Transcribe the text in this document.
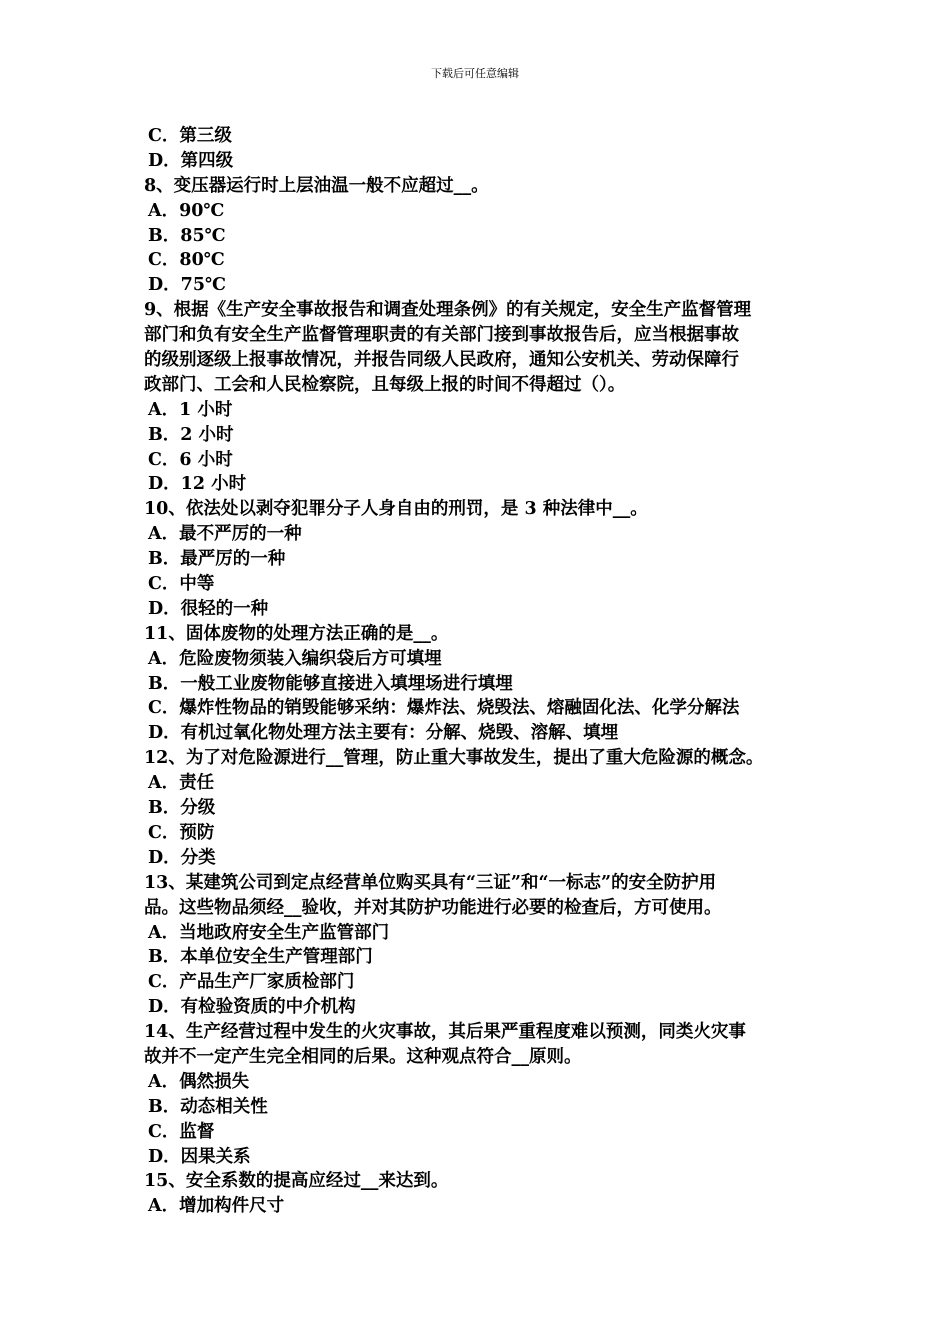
下载后可任意编辑
C．第三级
D．第四级
8、变压器运行时上层油温一般不应超过__。
A．90℃
B．85℃
C．80℃
D．75℃
9、根据《生产安全事故报告和调查处理条例》的有关规定，安全生产监督管理
部门和负有安全生产监督管理职责的有关部门接到事故报告后，应当根据事故
的级别逐级上报事故情况，并报告同级人民政府，通知公安机关、劳动保障行
政部门、工会和人民检察院，且每级上报的时间不得超过（）。
A．1 小时
B．2 小时
C．6 小时
D．12 小时
10、依法处以剥夺犯罪分子人身自由的刑罚，是 3 种法律中__。
A．最不严厉的一种
B．最严厉的一种
C．中等
D．很轻的一种
11、固体废物的处理方法正确的是__。
A．危险废物须装入编织袋后方可填埋
B．一般工业废物能够直接进入填埋场进行填埋
C．爆炸性物品的销毁能够采纳：爆炸法、烧毁法、熔融固化法、化学分解法
D．有机过氧化物处理方法主要有：分解、烧毁、溶解、填埋
12、为了对危险源进行__管理，防止重大事故发生，提出了重大危险源的概念。
A．责任
B．分级
C．预防
D．分类
13、某建筑公司到定点经营单位购买具有“三证”和“一标志”的安全防护用
品。这些物品须经__验收，并对其防护功能进行必要的检查后，方可使用。
A．当地政府安全生产监管部门
B．本单位安全生产管理部门
C．产品生产厂家质检部门
D．有检验资质的中介机构
14、生产经营过程中发生的火灾事故，其后果严重程度难以预测，同类火灾事
故并不一定产生完全相同的后果。这种观点符合__原则。
A．偶然损失
B．动态相关性
C．监督
D．因果关系
15、安全系数的提高应经过__来达到。
A．增加构件尺寸
